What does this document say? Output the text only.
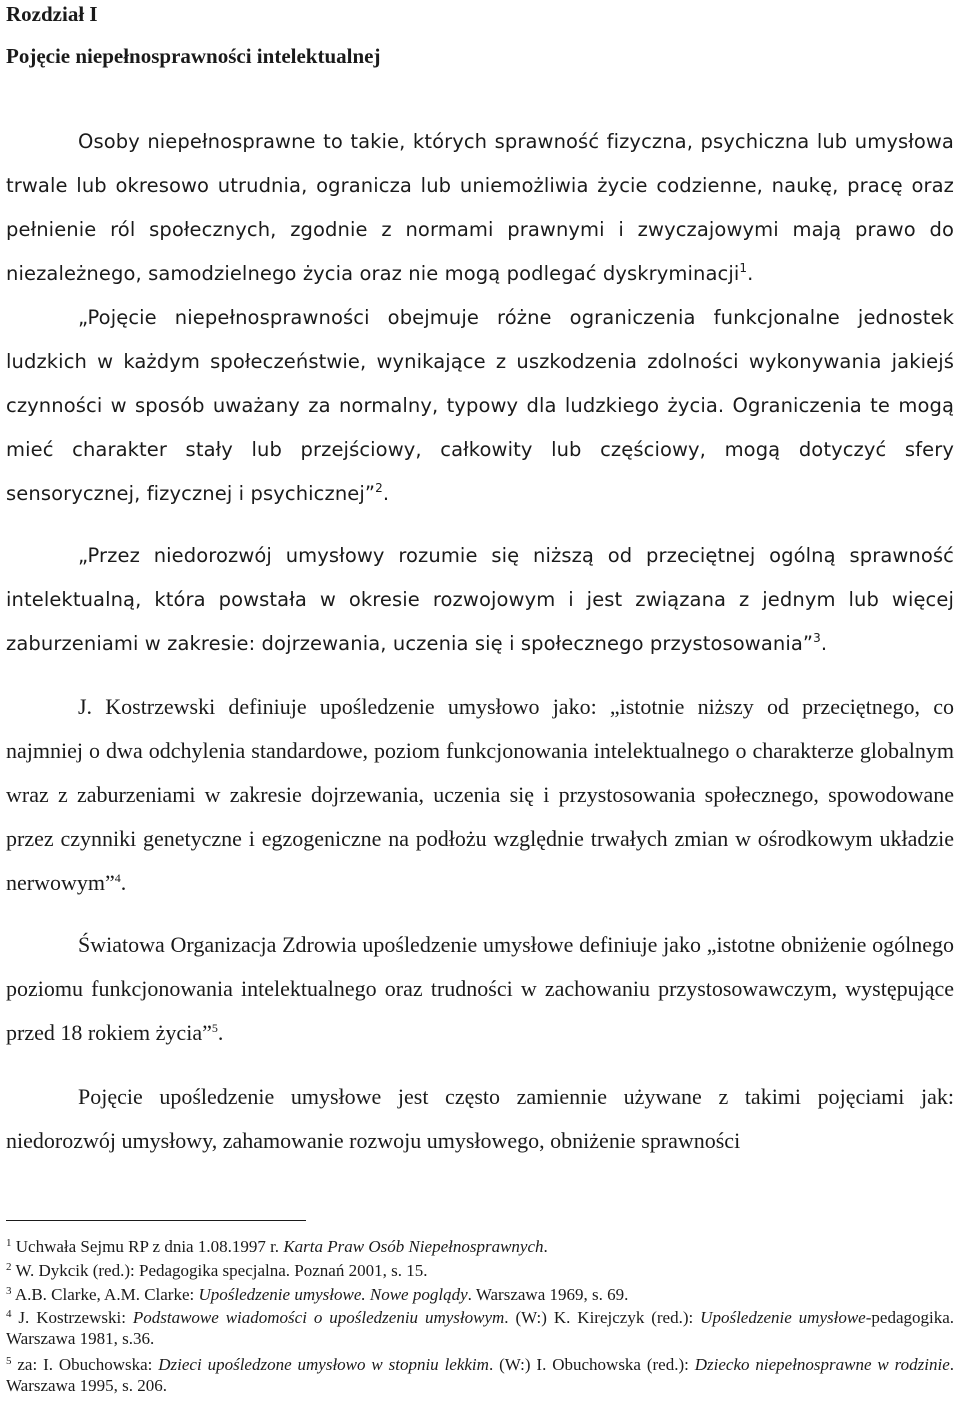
Rozdział I
Pojęcie niepełnosprawności intelektualnej

Osoby niepełnosprawne to takie, których sprawność fizyczna, psychiczna lub umysłowa trwale lub okresowo utrudnia, ogranicza lub uniemożliwia życie codzienne, naukę, pracę oraz pełnienie ról społecznych, zgodnie z normami prawnymi i zwyczajowymi mają prawo do niezależnego, samodzielnego życia oraz nie mogą podlegać dyskryminacji$^1$.

„Pojęcie niepełnosprawności obejmuje różne ograniczenia funkcjonalne jednostek ludzkich w każdym społeczeństwie, wynikające z uszkodzenia zdolności wykonywania jakiejś czynności w sposób uważany za normalny, typowy dla ludzkiego życia. Ograniczenia te mogą mieć charakter stały lub przejściowy, całkowity lub częściowy, mogą dotyczyć sfery sensorycznej, fizycznej i psychicznej”$^2$.

„Przez niedorozwój umysłowy rozumie się niższą od przeciętnej ogólną sprawność intelektualną, która powstała w okresie rozwojowym i jest związana z jednym lub więcej zaburzeniami w zakresie: dojrzewania, uczenia się i społecznego przystosowania”$^3$.

J. Kostrzewski definiuje upośledzenie umysłowo jako: „istotnie niższy od przeciętnego, co najmniej o dwa odchylenia standardowe, poziom funkcjonowania intelektualnego o charakterze globalnym wraz z zaburzeniami w zakresie dojrzewania, uczenia się i przystosowania społecznego, spowodowane przez czynniki genetyczne i egzogeniczne na podłożu względnie trwałych zmian w ośrodkowym układzie nerwowym”$^4$.

Światowa Organizacja Zdrowia upośledzenie umysłowe definiuje jako „istotne obniżenie ogólnego poziomu funkcjonowania intelektualnego oraz trudności w zachowaniu przystosowawczym, występujące przed 18 rokiem życia”$^5$.

Pojęcie upośledzenie umysłowe jest często zamiennie używane z takimi pojęciami jak: niedorozwój umysłowy, zahamowanie rozwoju umysłowego, obniżenie sprawności

$^1$ Uchwała Sejmu RP z dnia 1.08.1997 r. Karta Praw Osób Niepełnosprawnych.

$^2$ W. Dykcik (red.): Pedagogika specjalna. Poznań 2001, s. 15.

$^3$ A.B. Clarke, A.M. Clarke: Upośledzenie umysłowe. Nowe poglądy. Warszawa 1969, s. 69.

$^4$ J. Kostrzewski: Podstawowe wiadomości o upośledzeniu umysłowym. (W:) K. Kirejczyk (red.): Upośledzenie umysłowe-pedagogika. Warszawa 1981, s.36.

$^5$ za: I. Obuchowska: Dzieci upośledzone umysłowo w stopniu lekkim. (W:) I. Obuchowska (red.): Dziecko niepełnosprawne w rodzinie. Warszawa 1995, s. 206.
